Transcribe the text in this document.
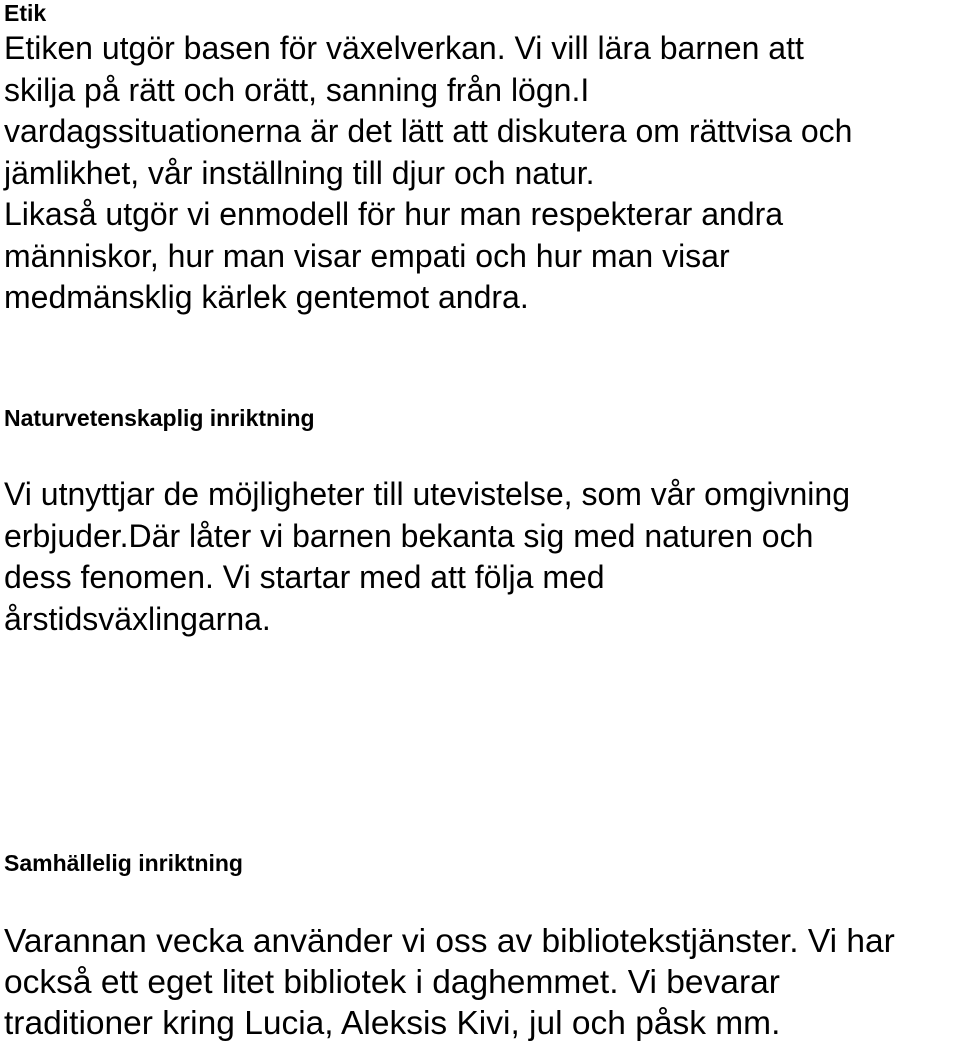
Etik
Etiken utgör basen för växelverkan. Vi vill lära barnen att
skilja på rätt och orätt, sanning från lögn.I
vardagssituationerna är det lätt att diskutera om rättvisa och
jämlikhet, vår inställning till djur och natur.
Likaså utgör vi enmodell för hur man respekterar andra
människor, hur man visar empati och hur man visar
medmänsklig kärlek gentemot andra.
Naturvetenskaplig inriktning
Vi utnyttjar de möjligheter till utevistelse, som vår omgivning
erbjuder.Där låter vi barnen bekanta sig med naturen och
dess fenomen. Vi startar med att följa med
årstidsväxlingarna.
Samhällelig inriktning
Varannan vecka använder vi oss av bibliotekstjänster. Vi har
också ett eget litet bibliotek i daghemmet. Vi bevarar
traditioner kring Lucia, Aleksis Kivi, jul och påsk mm.
